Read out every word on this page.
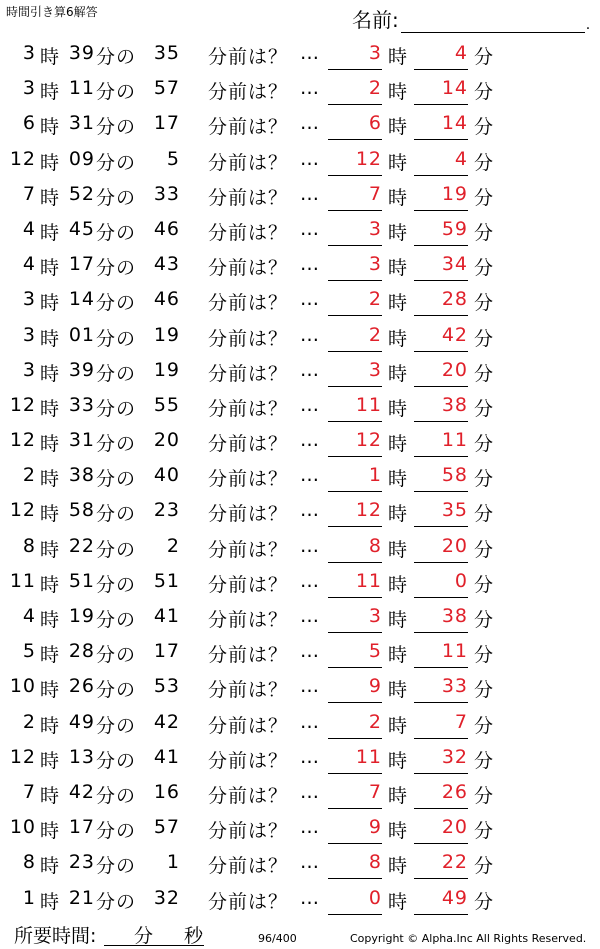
時間引き算6解答	名前:	.
3 時 39 分の 35 分前は？ …	3 時	4 分
3 時 11 分の 57 分前は？ …	2 時	14 分
6 時 31 分の 17 分前は？ …	6 時	14 分
12 時 09 分の 5 分前は？ …	12 時	4 分
7 時 52 分の 33 分前は？ …	7 時	19 分
4 時 45 分の 46 分前は？ …	3 時	59 分
4 時 17 分の 43 分前は？ …	3 時	34 分
3 時 14 分の 46 分前は？ …	2 時	28 分
3 時 01 分の 19 分前は？ …	2 時	42 分
3 時 39 分の 19 分前は？ …	3 時	20 分
12 時 33 分の 55 分前は？ …	11 時	38 分
12 時 31 分の 20 分前は？ …	12 時	11 分
2 時 38 分の 40 分前は？ …	1 時	58 分
12 時 58 分の 23 分前は？ …	12 時	35 分
8 時 22 分の 2 分前は？ …	8 時	20 分
11 時 51 分の 51 分前は？ …	11 時	0 分
4 時 19 分の 41 分前は？ …	3 時	38 分
5 時 28 分の 17 分前は？ …	5 時	11 分
10 時 26 分の 53 分前は？ …	9 時	33 分
2 時 49 分の 42 分前は？ …	2 時	7 分
12 時 13 分の 41 分前は？ …	11 時	32 分
7 時 42 分の 16 分前は？ …	7 時	26 分
10 時 17 分の 57 分前は？ …	9 時	20 分
8 時 23 分の 1 分前は？ …	8 時	22 分
1 時 21 分の 32 分前は？ …	0 時	49 分
所要時間: 分 秒	96/400	Copyright © Alpha.Inc All Rights Reserved.
